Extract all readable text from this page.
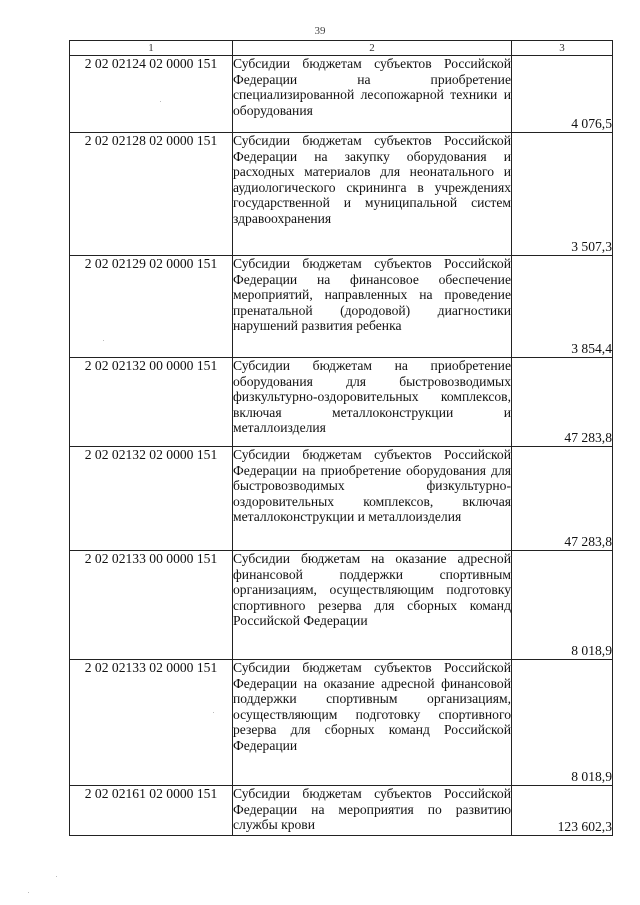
39
1	2	3
2 02 02124 02 0000 151	Субсидии бюджетам субъектов Российской Федерации на приобретение специализированной лесопожарной техники и оборудования	4 076,5
2 02 02128 02 0000 151	Субсидии бюджетам субъектов Российской Федерации на закупку оборудования и расходных материалов для неонатального и аудиологического скрининга в учреждениях государственной и муниципальной систем здравоохранения	3 507,3
2 02 02129 02 0000 151	Субсидии бюджетам субъектов Российской Федерации на финансовое обеспечение мероприятий, направленных на проведение пренатальной (дородовой) диагностики нарушений развития ребенка	3 854,4
2 02 02132 00 0000 151	Субсидии бюджетам на приобретение оборудования для быстровозводимых физкультурно-оздоровительных комплексов, включая металлоконструкции и металлоизделия	47 283,8
2 02 02132 02 0000 151	Субсидии бюджетам субъектов Российской Федерации на приобретение оборудования для быстровозводимых физкультурно-оздоровительных комплексов, включая металлоконструкции и металлоизделия	47 283,8
2 02 02133 00 0000 151	Субсидии бюджетам на оказание адресной финансовой поддержки спортивным организациям, осуществляющим подготовку спортивного резерва для сборных команд Российской Федерации	8 018,9
2 02 02133 02 0000 151	Субсидии бюджетам субъектов Российской Федерации на оказание адресной финансовой поддержки спортивным организациям, осуществляющим подготовку спортивного резерва для сборных команд Российской Федерации	8 018,9
2 02 02161 02 0000 151	Субсидии бюджетам субъектов Российской Федерации на мероприятия по развитию службы крови	123 602,3
